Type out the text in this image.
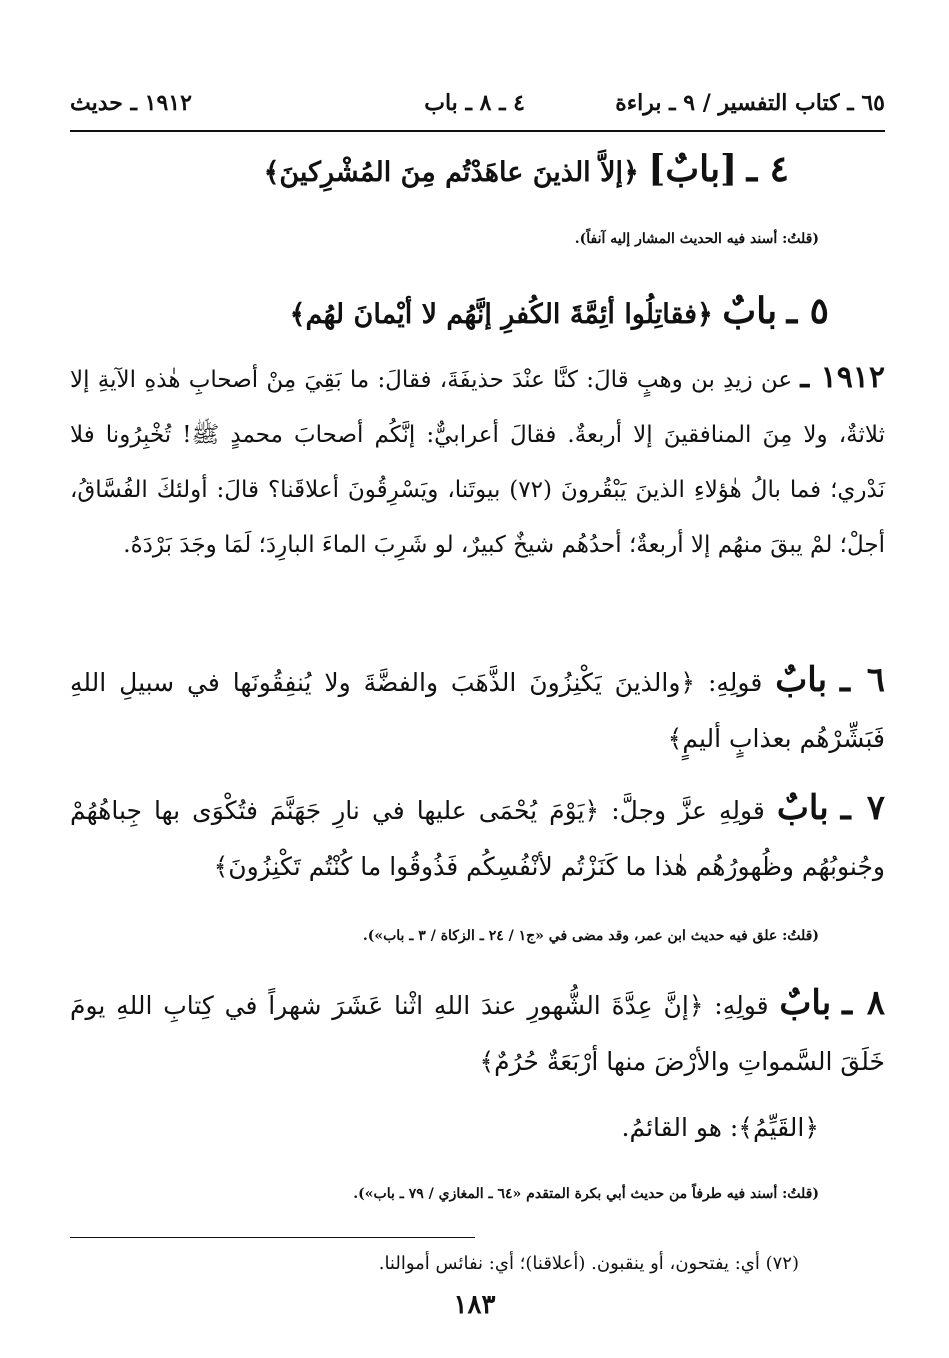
٦٥ ـ كتاب التفسير / ٩ ـ براءة
٤ ـ ٨ ـ باب
١٩١٢ ـ حديث
٤ ـ [بابٌ] ﴿إلاَّ الذينَ عاهَدْتُم مِنَ المُشْرِكينَ﴾
(قلتُ: أسند فيه الحديث المشار إليه آنفاً).
٥ ـ بابٌ ﴿فقاتِلُوا أئِمَّةَ الكُفرِ إنَّهُم لا أيْمانَ لهُم﴾
١٩١٢ ـ عن زيدِ بن وهبٍ قالَ: كنَّا عنْدَ حذيفَةَ، فقالَ: ما بَقِيَ مِنْ أصحابِ هٰذهِ الآيةِ إلا ثلاثةٌ، ولا مِنَ المنافقينَ إلا أربعةٌ. فقالَ أعرابيٌّ: إنَّكُم أصحابَ محمدٍ ﷺ! تُخْبِرُونا فلا نَدْري؛ فما بالُ هٰؤلاءِ الذينَ يَبْقُرونَ (٧٢) بيوتَنا، ويَسْرِقُونَ أعلاقَنا؟ قالَ: أولئكَ الفُسَّاقُ، أجلْ؛ لمْ يبقَ منهُم إلا أربعةٌ؛ أحدُهُم شيخٌ كبيرٌ، لو شَرِبَ الماءَ البارِدَ؛ لَمَا وجَدَ بَرْدَهُ.
٦ ـ بابٌ قولِهِ: ﴿والذينَ يَكْنِزُونَ الذَّهَبَ والفضَّةَ ولا يُنفِقُونَها في سبيلِ اللهِ فَبَشِّرْهُم بعذابٍ أليمٍ﴾
٧ ـ بابٌ قولِهِ عزَّ وجلَّ: ﴿يَوْمَ يُحْمَى عليها في نارِ جَهَنَّمَ فتُكْوَى بها جِباهُهُمْ وجُنوبُهُم وظُهورُهُم هٰذا ما كَنَزْتُم لأنْفُسِكُم فَذُوقُوا ما كُنْتُم تَكْنِزُونَ﴾
(قلتُ: علق فيه حديث ابن عمر، وقد مضى في «ج١ / ٢٤ ـ الزكاة / ٣ ـ باب»).
٨ ـ بابٌ قولِهِ: ﴿إنَّ عِدَّةَ الشُّهورِ عندَ اللهِ اثْنا عَشَرَ شهراً في كِتابِ اللهِ يومَ خَلَقَ السَّمواتِ والأرْضَ منها أرْبَعَةٌ حُرُمٌ﴾
﴿القَيِّمُ﴾: هو القائمُ.
(قلتُ: أسند فيه طرفاً من حديث أبي بكرة المتقدم «٦٤ ـ المغازي / ٧٩ ـ باب»).
(٧٢) أي: يفتحون، أو ينقبون. (أعلاقنا)؛ أي: نفائس أموالنا.
١٨٣
